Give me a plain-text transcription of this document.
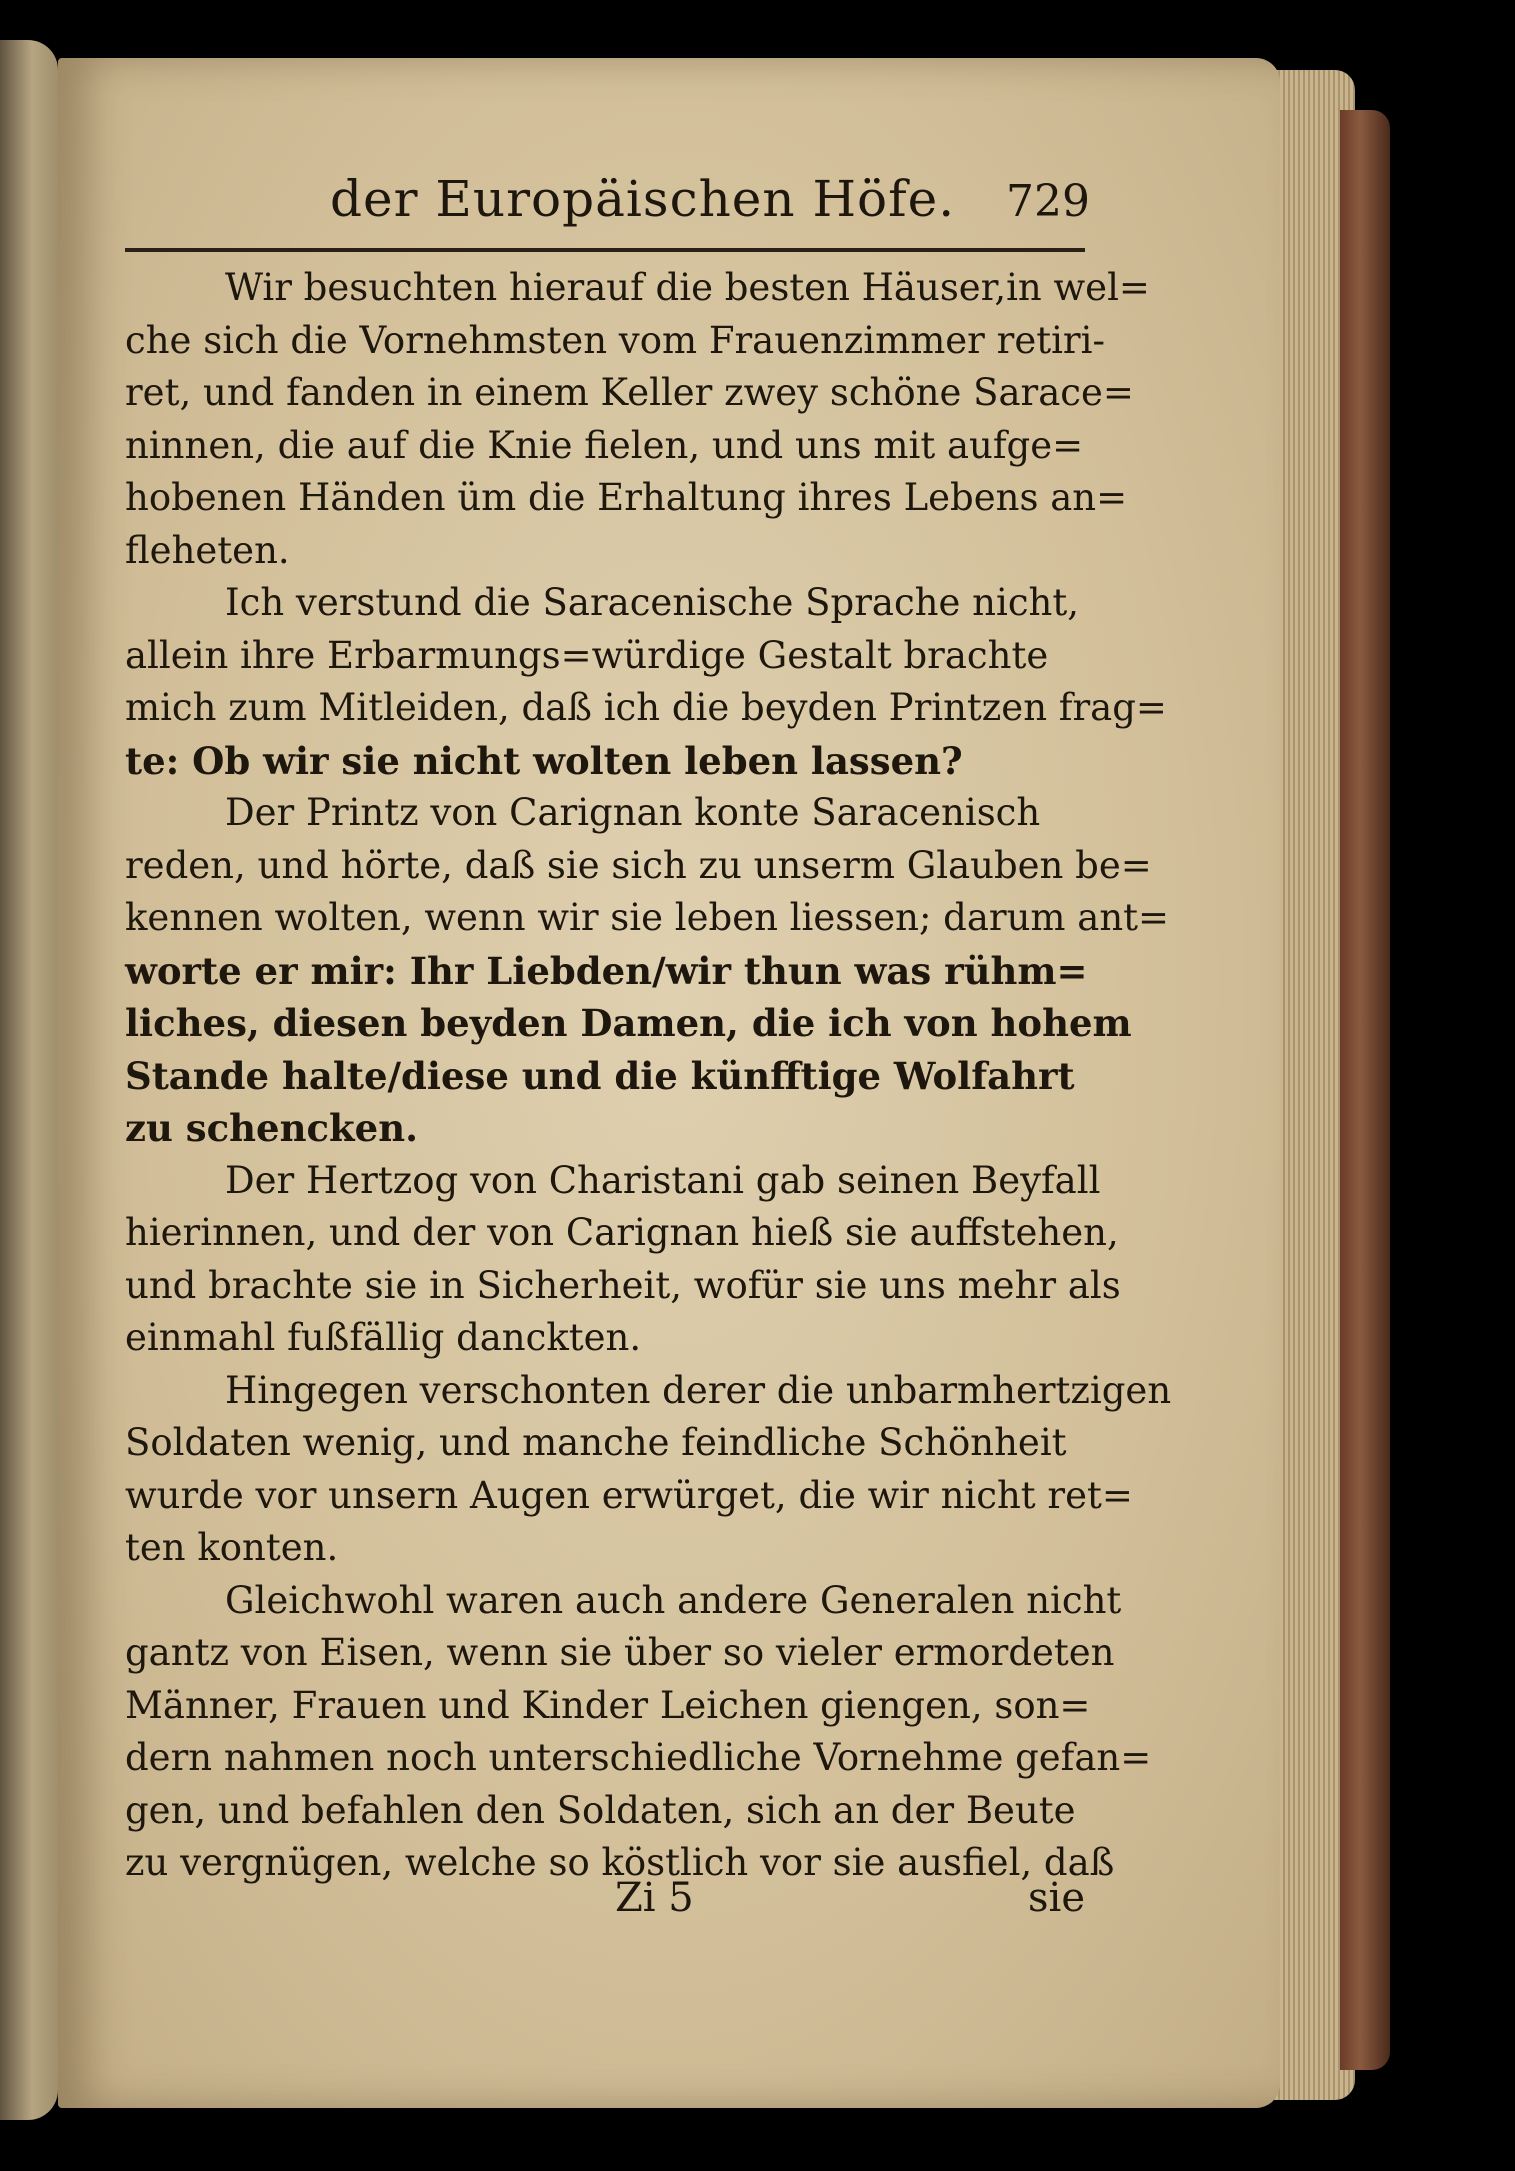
der Europäischen Höfe. 729
Wir besuchten hierauf die besten Häuser,in wel=
che sich die Vornehmsten vom Frauenzimmer retiri-
ret, und fanden in einem Keller zwey schöne Sarace=
ninnen, die auf die Knie fielen, und uns mit aufge=
hobenen Händen üm die Erhaltung ihres Lebens an=
fleheten.
Ich verstund die Saracenische Sprache nicht,
allein ihre Erbarmungs=würdige Gestalt brachte
mich zum Mitleiden, daß ich die beyden Printzen frag=
te: Ob wir sie nicht wolten leben lassen?
Der Printz von Carignan konte Saracenisch
reden, und hörte, daß sie sich zu unserm Glauben be=
kennen wolten, wenn wir sie leben liessen; darum ant=
worte er mir: Ihr Liebden/wir thun was rühm=
liches, diesen beyden Damen, die ich von hohem
Stande halte/diese und die künfftige Wolfahrt
zu schencken.
Der Hertzog von Charistani gab seinen Beyfall
hierinnen, und der von Carignan hieß sie auffstehen,
und brachte sie in Sicherheit, wofür sie uns mehr als
einmahl fußfällig danckten.
Hingegen verschonten derer die unbarmhertzigen
Soldaten wenig, und manche feindliche Schönheit
wurde vor unsern Augen erwürget, die wir nicht ret=
ten konten.
Gleichwohl waren auch andere Generalen nicht
gantz von Eisen, wenn sie über so vieler ermordeten
Männer, Frauen und Kinder Leichen giengen, son=
dern nahmen noch unterschiedliche Vornehme gefan=
gen, und befahlen den Soldaten, sich an der Beute
zu vergnügen, welche so köstlich vor sie ausfiel, daß
Zi 5	sie
